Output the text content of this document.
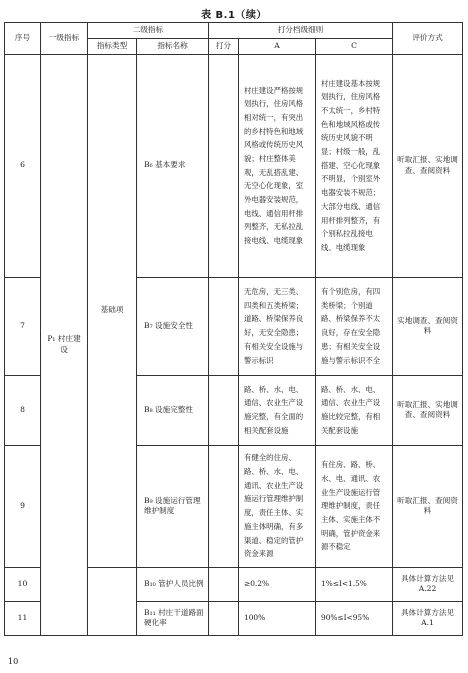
表 B.1（续）
序号	一级指标	二级指标		打分档级细则			评价方式
		指标类型	指标名称	打分	A	C	
6	P₁ 村庄建设	基础项	B₆ 基本要求		村庄建设严格按规划执行，住房风格相对统一，有突出的乡村特色和地域风格或传统历史风貌；村庄整体美观，无乱搭乱建、无空心化现象，室外电器安装规范，电线、通信用杆排列整齐，无私拉乱接电线、电缆现象	村庄建设基本按规划执行，住房风格不太统一，乡村特色和地域风格或传统历史风貌不明显；村级一般，乱搭建、空心化现象不明显，个别室外电器安装不规范；大部分电线、通信用杆排列整齐，有个别私拉乱接电线、电缆现象	听取汇报、实地调查、查阅资料
7			B₇ 设施安全性		无危房，无三类、四类和五类桥梁；道路、桥梁保养良好，无安全隐患；有相关安全设施与警示标识	有个别危房，有四类桥梁；个别道路、桥梁保养不太良好，存在安全隐患；有相关安全设施与警示标识不全	实地调查、查阅资料
8			B₈ 设施完整性		路、桥、水、电、通信、农业生产设施完整，有全面的相关配套设施	路、桥、水、电、通信、农业生产设施比较完整，有相关配套设施	听取汇报、实地调查、查阅资料
9			B₉ 设施运行管理维护制度		有健全的住房、路、桥、水、电、通讯、农业生产设施运行管理维护制度，责任主体、实施主体明确，有多渠道、稳定的管护资金来源	有住房、路、桥、水、电、通讯、农业生产设施运行管理维护制度，责任主体、实施主体不明确，管护资金来源不稳定	听取汇报、查阅资料
10			B₁₀ 管护人员比例		≥0.2%	1%≤I<1.5%	具体计算方法见 A.22
11			B₁₁ 村庄干道路面硬化率		100%	90%≤I<95%	具体计算方法见 A.1
10
